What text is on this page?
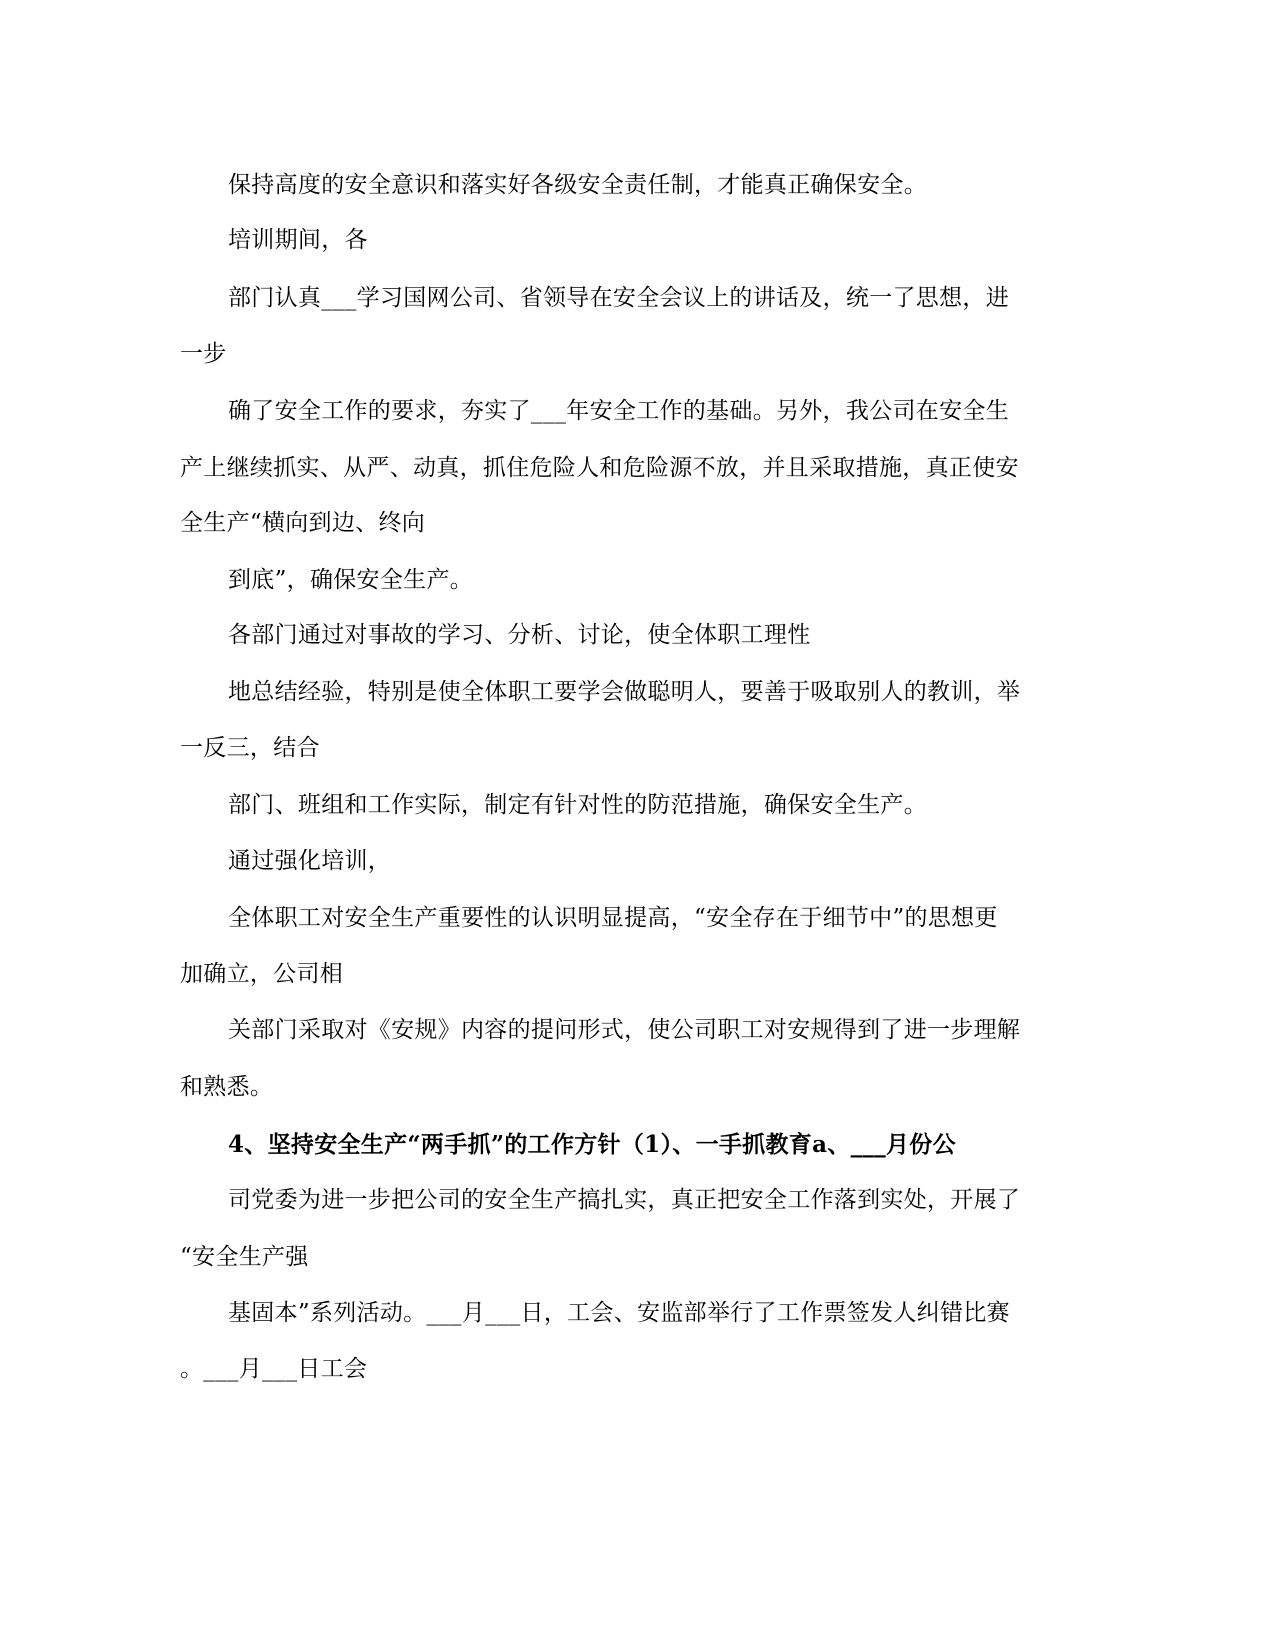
保持高度的安全意识和落实好各级安全责任制，才能真正确保安全。
培训期间，各
部门认真___学习国网公司、省领导在安全会议上的讲话及，统一了思想，进
一步
确了安全工作的要求，夯实了___年安全工作的基础。另外，我公司在安全生
产上继续抓实、从严、动真，抓住危险人和危险源不放，并且采取措施，真正使安
全生产“横向到边、终向
到底”，确保安全生产。
各部门通过对事故的学习、分析、讨论，使全体职工理性
地总结经验，特别是使全体职工要学会做聪明人，要善于吸取别人的教训，举
一反三，结合
部门、班组和工作实际，制定有针对性的防范措施，确保安全生产。
通过强化培训，
全体职工对安全生产重要性的认识明显提高，“安全存在于细节中”的思想更
加确立，公司相
关部门采取对《安规》内容的提问形式，使公司职工对安规得到了进一步理解
和熟悉。
4、坚持安全生产“两手抓”的工作方针（1）、一手抓教育a、___月份公
司党委为进一步把公司的安全生产搞扎实，真正把安全工作落到实处，开展了
“安全生产强
基固本”系列活动。___月___日，工会、安监部举行了工作票签发人纠错比赛
。___月___日工会
